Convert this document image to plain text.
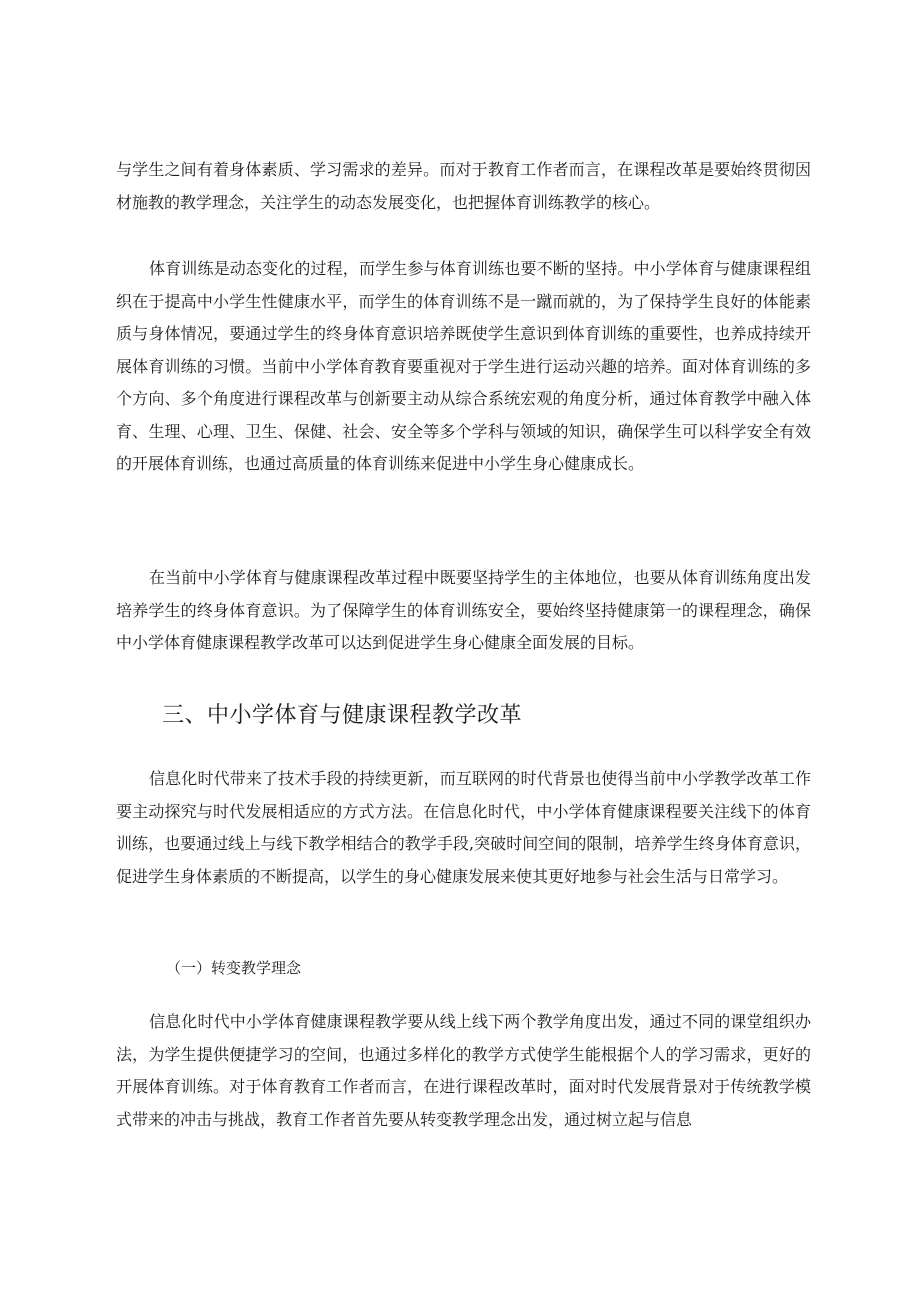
与学生之间有着身体素质、学习需求的差异。而对于教育工作者而言，在课程改革是要始终贯彻因材施教的教学理念，关注学生的动态发展变化，也把握体育训练教学的核心。

体育训练是动态变化的过程，而学生参与体育训练也要不断的坚持。中小学体育与健康课程组织在于提高中小学生性健康水平，而学生的体育训练不是一蹴而就的，为了保持学生良好的体能素质与身体情况，要通过学生的终身体育意识培养既使学生意识到体育训练的重要性，也养成持续开展体育训练的习惯。当前中小学体育教育要重视对于学生进行运动兴趣的培养。面对体育训练的多个方向、多个角度进行课程改革与创新要主动从综合系统宏观的角度分析，通过体育教学中融入体育、生理、心理、卫生、保健、社会、安全等多个学科与领域的知识，确保学生可以科学安全有效的开展体育训练，也通过高质量的体育训练来促进中小学生身心健康成长。

在当前中小学体育与健康课程改革过程中既要坚持学生的主体地位，也要从体育训练角度出发培养学生的终身体育意识。为了保障学生的体育训练安全，要始终坚持健康第一的课程理念，确保中小学体育健康课程教学改革可以达到促进学生身心健康全面发展的目标。

三、中小学体育与健康课程教学改革

信息化时代带来了技术手段的持续更新，而互联网的时代背景也使得当前中小学教学改革工作要主动探究与时代发展相适应的方式方法。在信息化时代，中小学体育健康课程要关注线下的体育训练，也要通过线上与线下教学相结合的教学手段,突破时间空间的限制，培养学生终身体育意识，促进学生身体素质的不断提高，以学生的身心健康发展来使其更好地参与社会生活与日常学习。

（一）转变教学理念

信息化时代中小学体育健康课程教学要从线上线下两个教学角度出发，通过不同的课堂组织办法，为学生提供便捷学习的空间，也通过多样化的教学方式使学生能根据个人的学习需求，更好的开展体育训练。对于体育教育工作者而言，在进行课程改革时，面对时代发展背景对于传统教学模式带来的冲击与挑战，教育工作者首先要从转变教学理念出发，通过树立起与信息
